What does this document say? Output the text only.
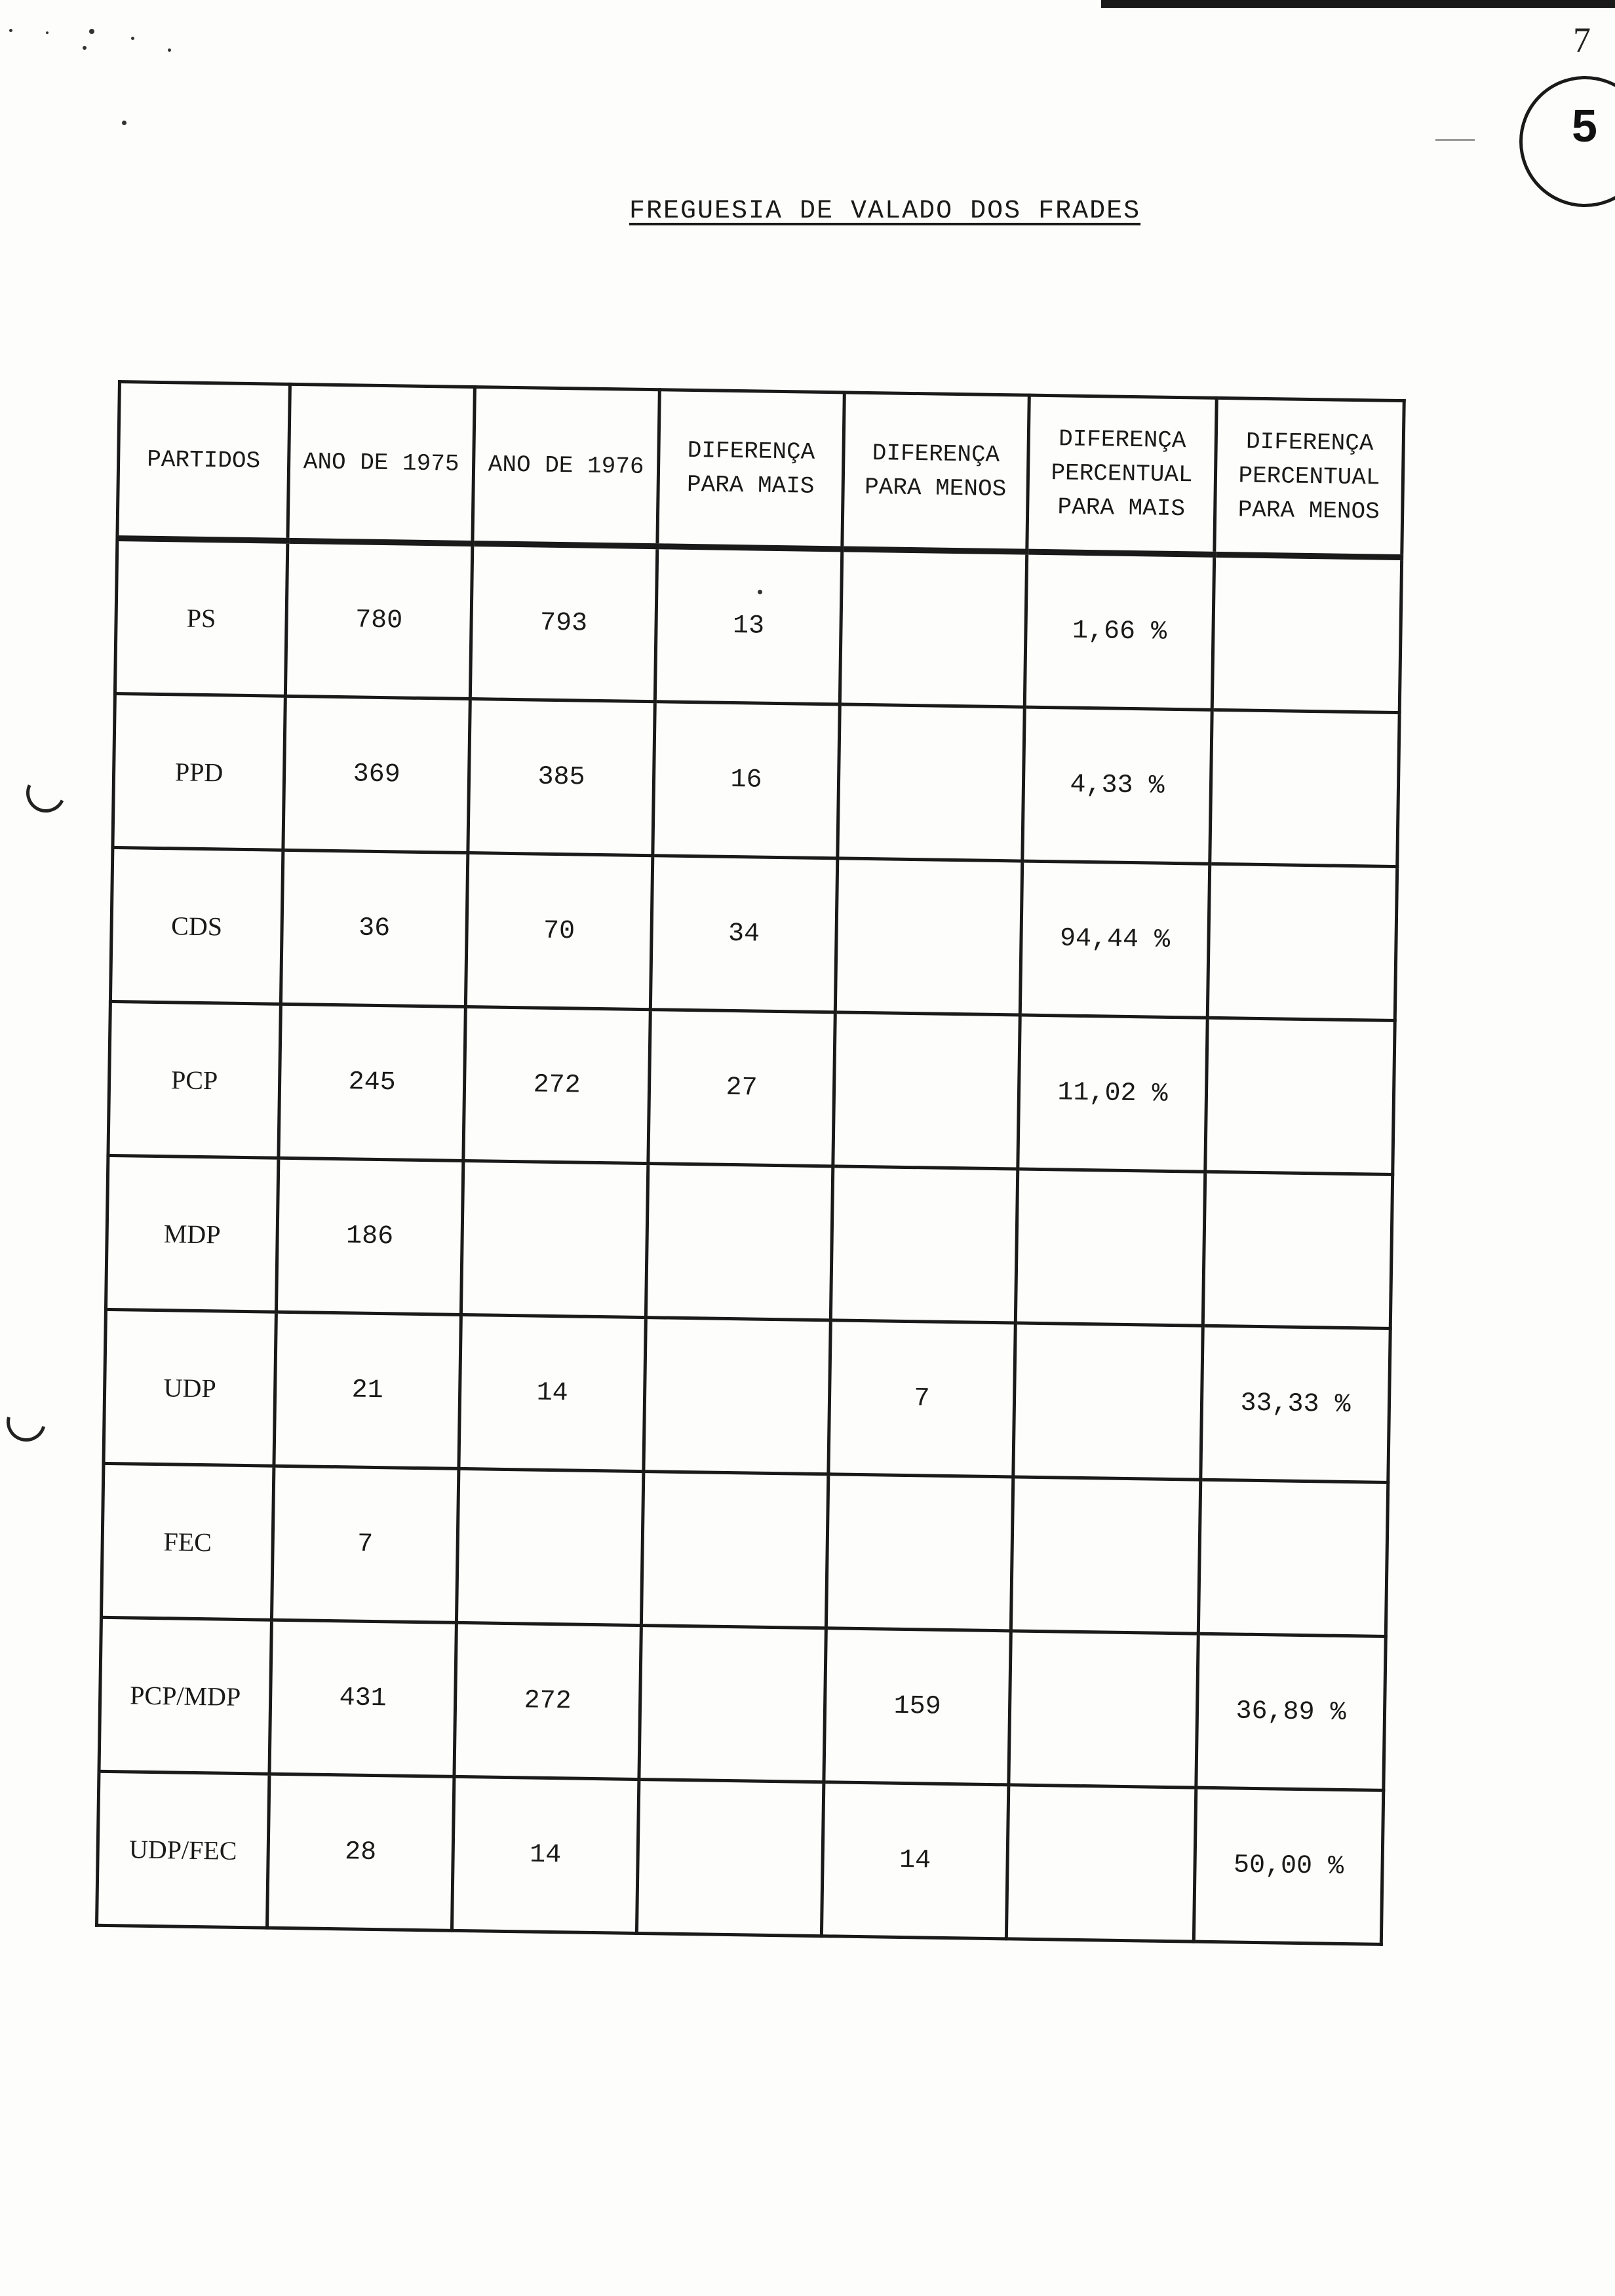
7
5
FREGUESIA DE VALADO DOS FRADES
PARTIDOS	ANO DE 1975	ANO DE 1976	DIFERENÇA PARA MAIS	DIFERENÇA PARA MENOS	DIFERENÇA PERCENTUAL PARA MAIS	DIFERENÇA PERCENTUAL PARA MENOS
PS	780	793	13		1,66 %	
PPD	369	385	16		4,33 %	
CDS	36	70	34		94,44 %	
PCP	245	272	27		11,02 %	
MDP	186					
UDP	21	14		7		33,33 %
FEC	7					
PCP/MDP	431	272		159		36,89 %
UDP/FEC	28	14		14		50,00 %
